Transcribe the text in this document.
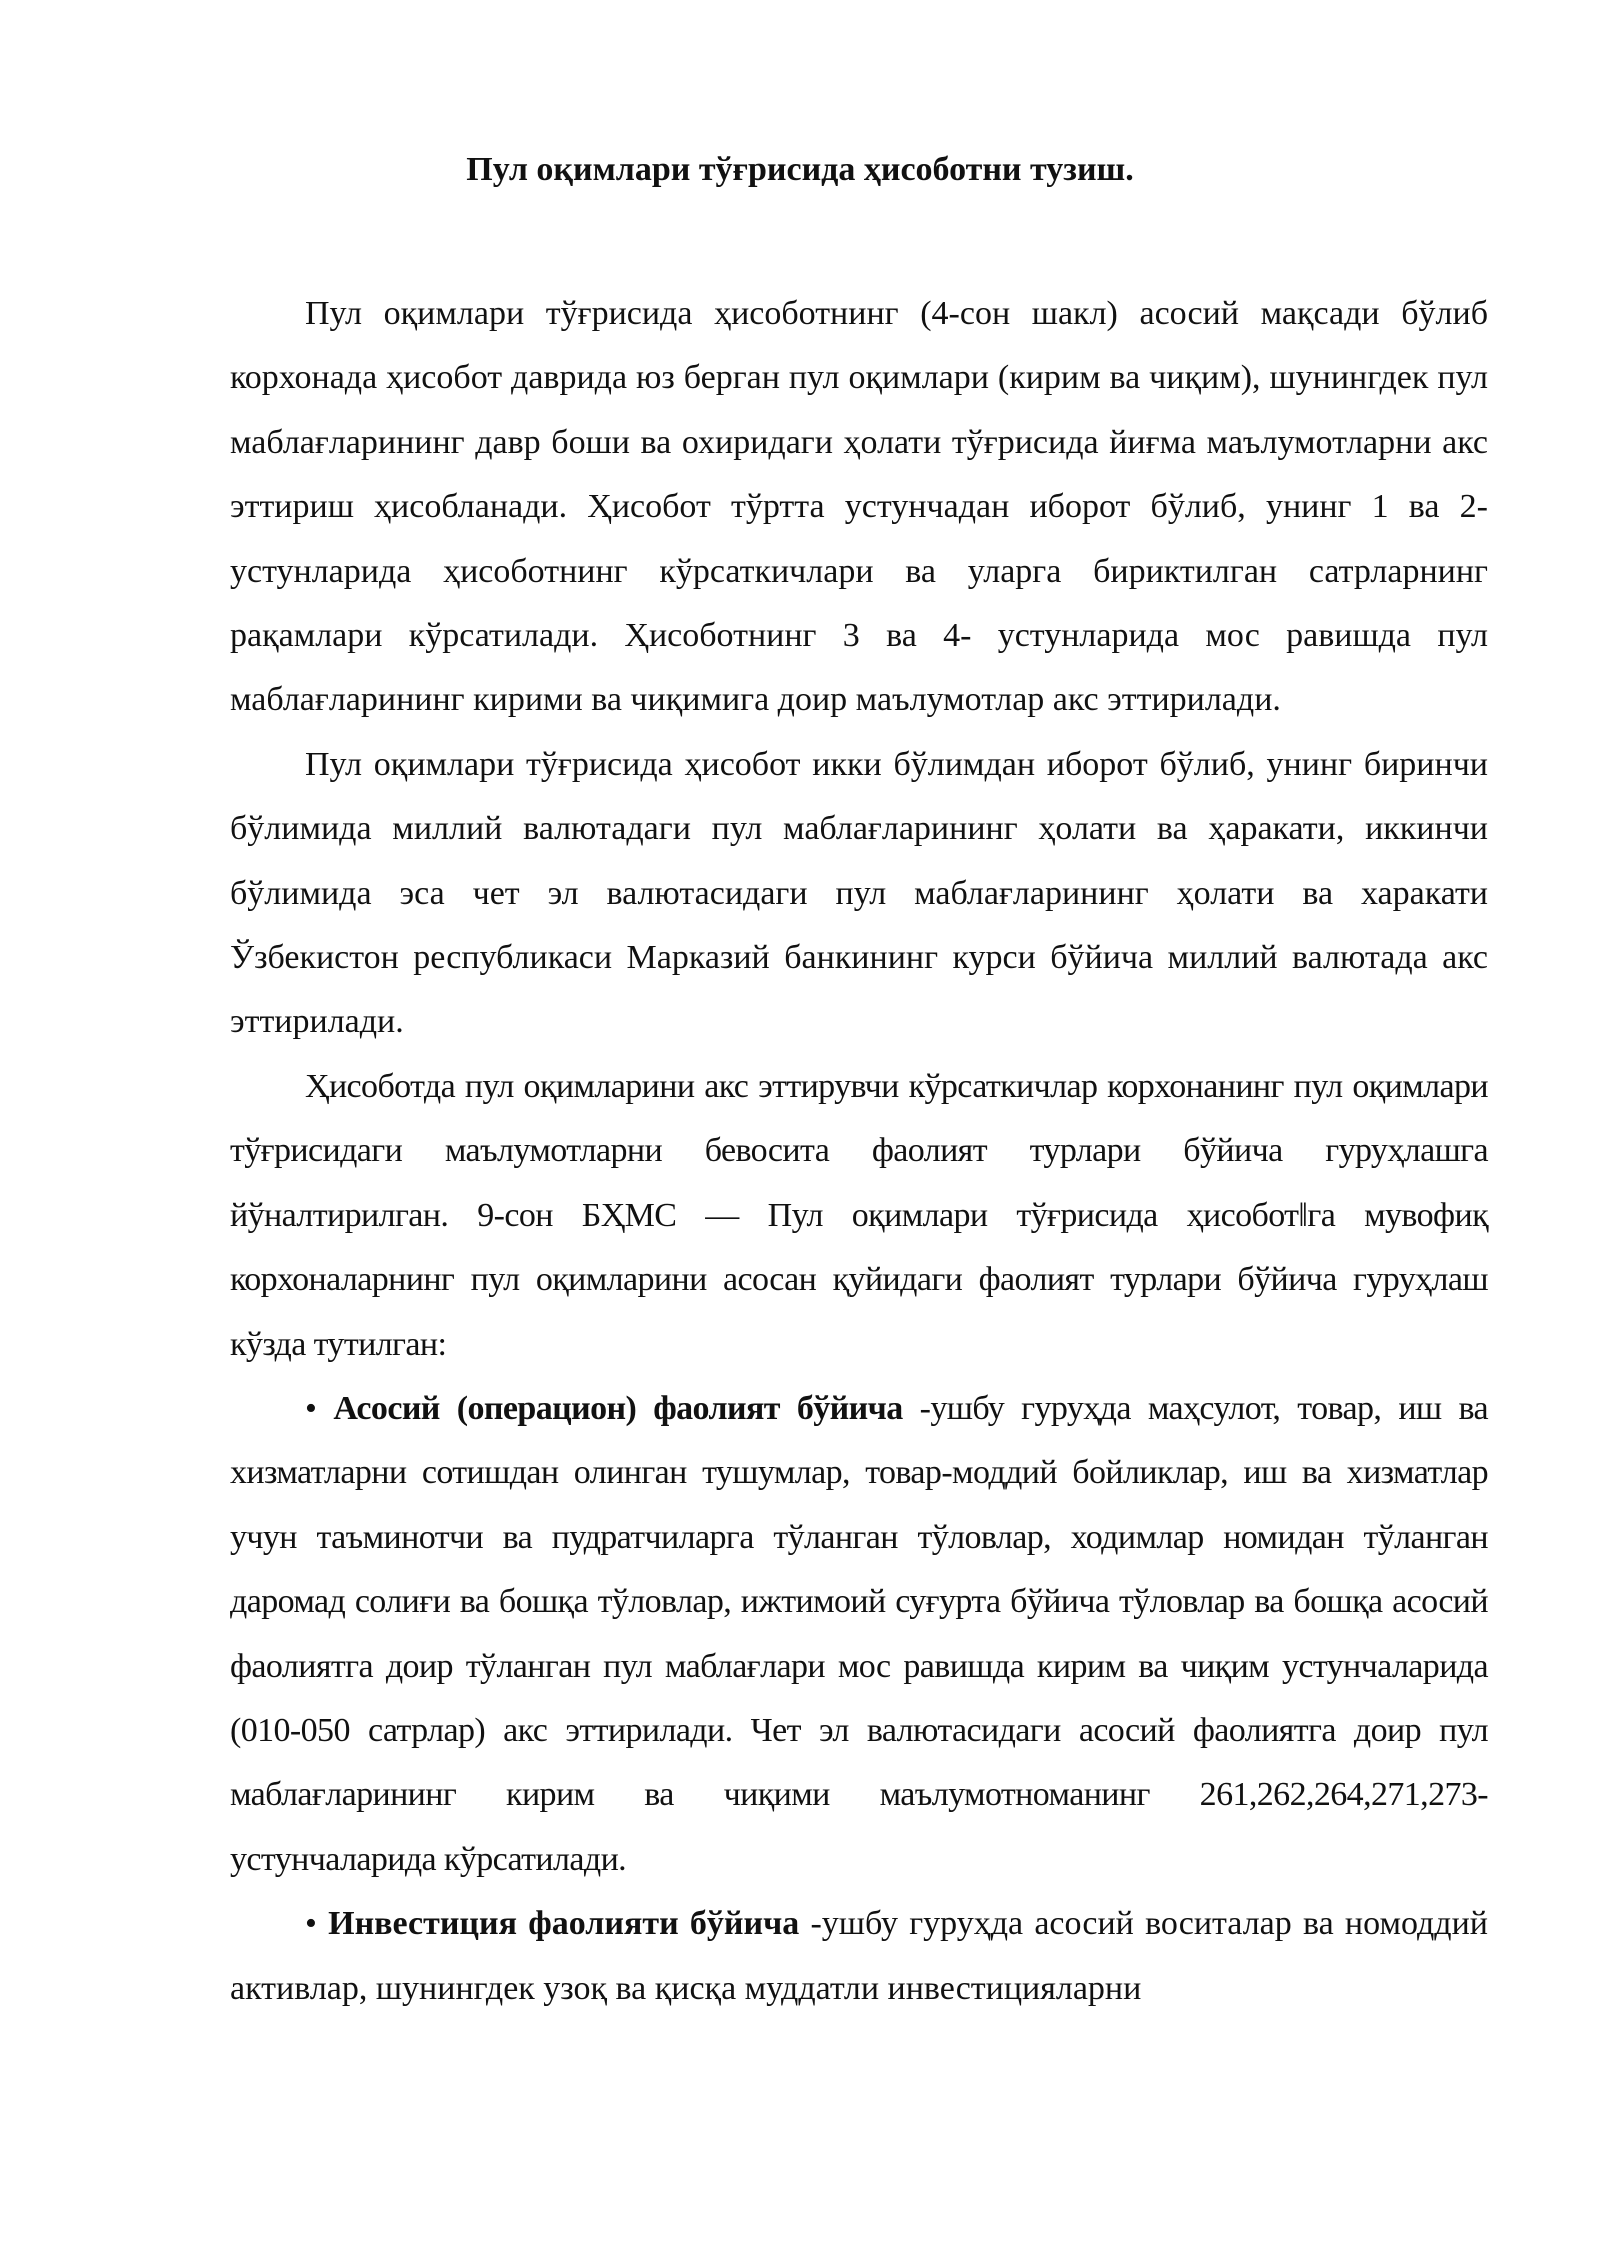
Пул оқимлари тўғрисида ҳисоботни тузиш.

Пул оқимлари тўғрисида ҳисоботнинг (4-сон шакл) асосий мақсади бўлиб корхонада ҳисобот даврида юз берган пул оқимлари (кирим ва чиқим), шунингдек пул маблағларининг давр боши ва охиридаги ҳолати тўғрисида йиғма маълумотларни акс эттириш ҳисобланади. Ҳисобот тўртта устунчадан иборот бўлиб, унинг 1 ва 2- устунларида ҳисоботнинг кўрсаткичлари ва уларга бириктилган сатрларнинг рақамлари кўрсатилади. Ҳисоботнинг 3 ва 4- устунларида мос равишда пул маблағларининг кирими ва чиқимига доир маълумотлар акс эттирилади.

Пул оқимлари тўғрисида ҳисобот икки бўлимдан иборот бўлиб, унинг биринчи бўлимида миллий валютадаги пул маблағларининг ҳолати ва ҳаракати, иккинчи бўлимида эса чет эл валютасидаги пул маблағларининг ҳолати ва харакати Ўзбекистон республикаси Марказий банкининг курси бўйича миллий валютада акс эттирилади.

Ҳисоботда пул оқимларини акс эттирувчи кўрсаткичлар корхонанинг пул оқимлари тўғрисидаги маълумотларни бевосита фаолият турлари бўйича гуруҳлашга йўналтирилган. 9-сон БҲМС ― Пул оқимлари тўғрисида ҳисобот‖га мувофиқ корхоналарнинг пул оқимларини асосан қуйидаги фаолият турлари бўйича гуруҳлаш кўзда тутилган:

• Асосий (операцион) фаолият бўйича -ушбу гуруҳда маҳсулот, товар, иш ва хизматларни сотишдан олинган тушумлар, товар-моддий бойликлар, иш ва хизматлар учун таъминотчи ва пудратчиларга тўланган тўловлар, ходимлар номидан тўланган даромад солиғи ва бошқа тўловлар, ижтимоий суғурта бўйича тўловлар ва бошқа асосий фаолиятга доир тўланган пул маблағлари мос равишда кирим ва чиқим устунчаларида (010-050 сатрлар) акс эттирилади. Чет эл валютасидаги асосий фаолиятга доир пул маблағларининг кирим ва чиқими маълумотноманинг 261,262,264,271,273- устунчаларида кўрсатилади.

• Инвестиция фаолияти бўйича -ушбу гуруҳда асосий воситалар ва номоддий активлар, шунингдек узоқ ва қисқа муддатли инвестицияларни
